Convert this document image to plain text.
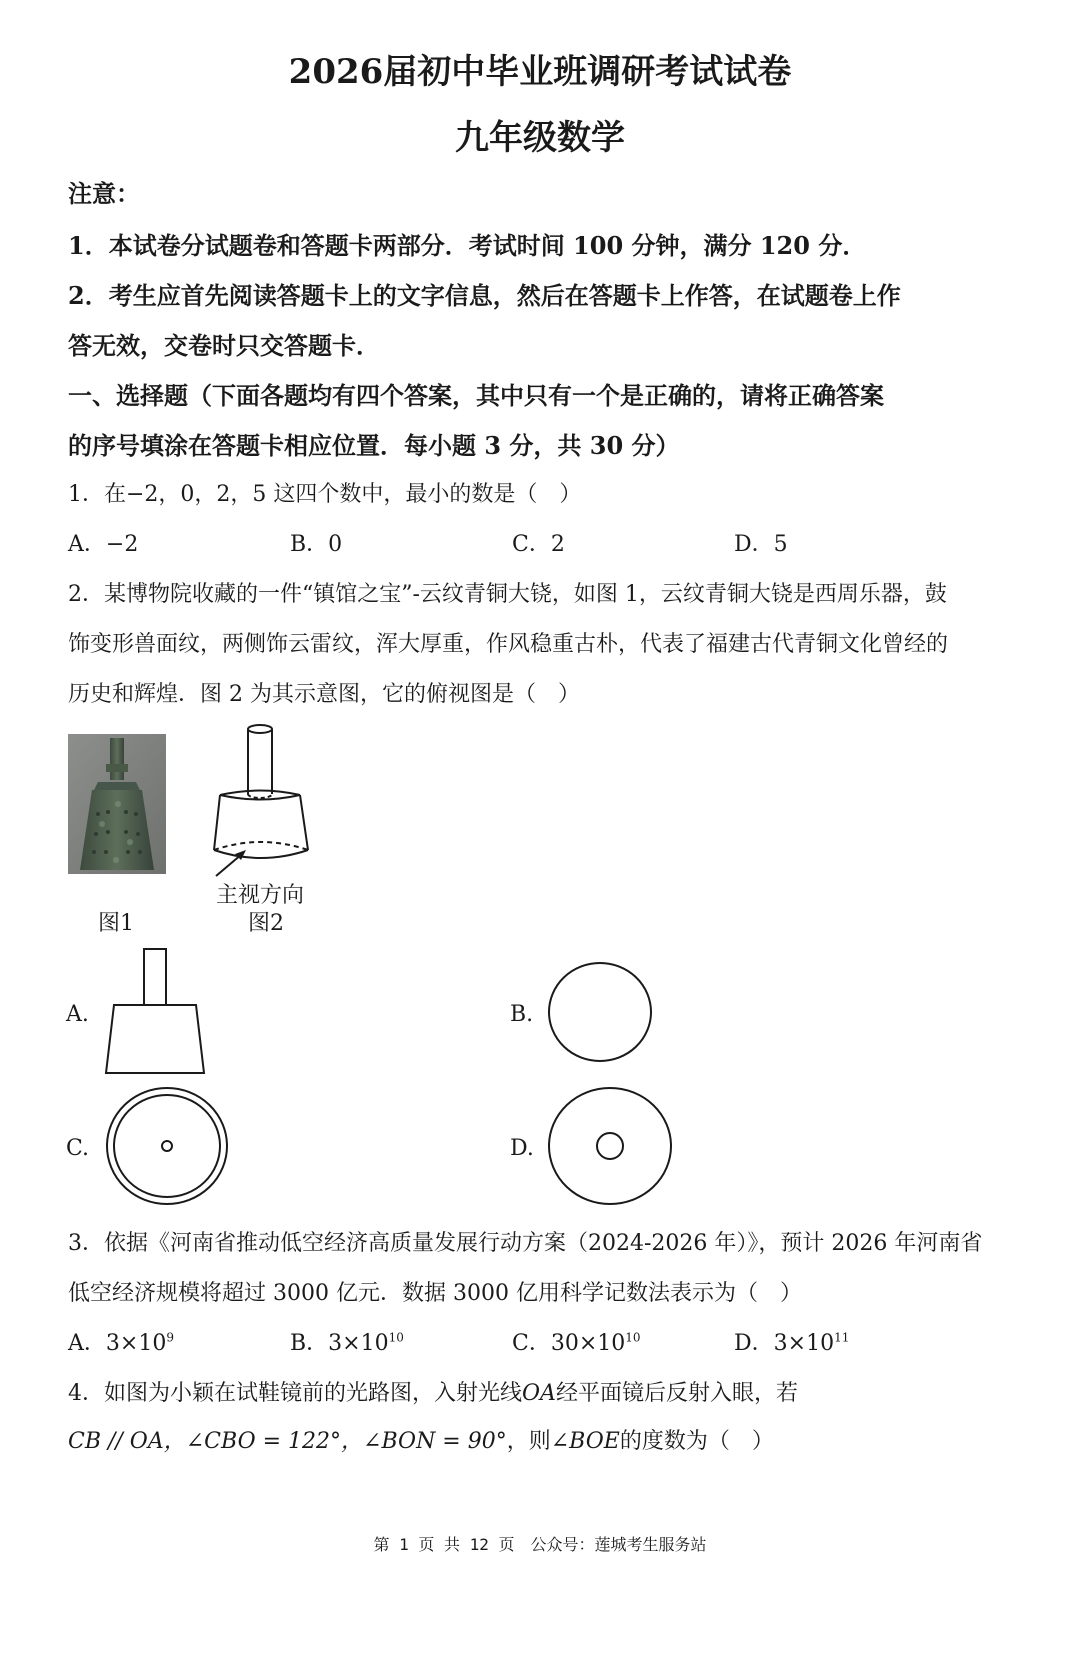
2026届初中毕业班调研考试试卷
九年级数学
注意：
1．本试卷分试题卷和答题卡两部分．考试时间 100 分钟，满分 120 分．
2．考生应首先阅读答题卡上的文字信息，然后在答题卡上作答，在试题卷上作
答无效，交卷时只交答题卡．
一、选择题（下面各题均有四个答案，其中只有一个是正确的，请将正确答案
的序号填涂在答题卡相应位置．每小题 3 分，共 30 分）
1．在−2，0，2，5 这四个数中，最小的数是（　）
A．−2	B．0	C．2	D．5
2．某博物院收藏的一件“镇馆之宝”-云纹青铜大铙，如图 1，云纹青铜大铙是西周乐器，鼓
饰变形兽面纹，两侧饰云雷纹，浑大厚重，作风稳重古朴，代表了福建古代青铜文化曾经的
历史和辉煌．图 2 为其示意图，它的俯视图是（　）
主视方向
图1	图2
A.	B.
C.	D.
3．依据《河南省推动低空经济高质量发展行动方案（2024-2026 年）》，预计 2026 年河南省
低空经济规模将超过 3000 亿元．数据 3000 亿用科学记数法表示为（　）
A．$3\times 10^9$	B．$3\times 10^{10}$	C．$30\times 10^{10}$	D．$3\times 10^{11}$
4．如图为小颖在试鞋镜前的光路图，入射光线OA经平面镜后反射入眼，若
CB // OA，∠CBO = 122°，∠BON = 90°，则∠BOE的度数为（　）
第 1 页 共 12 页　公众号：莲城考生服务站
